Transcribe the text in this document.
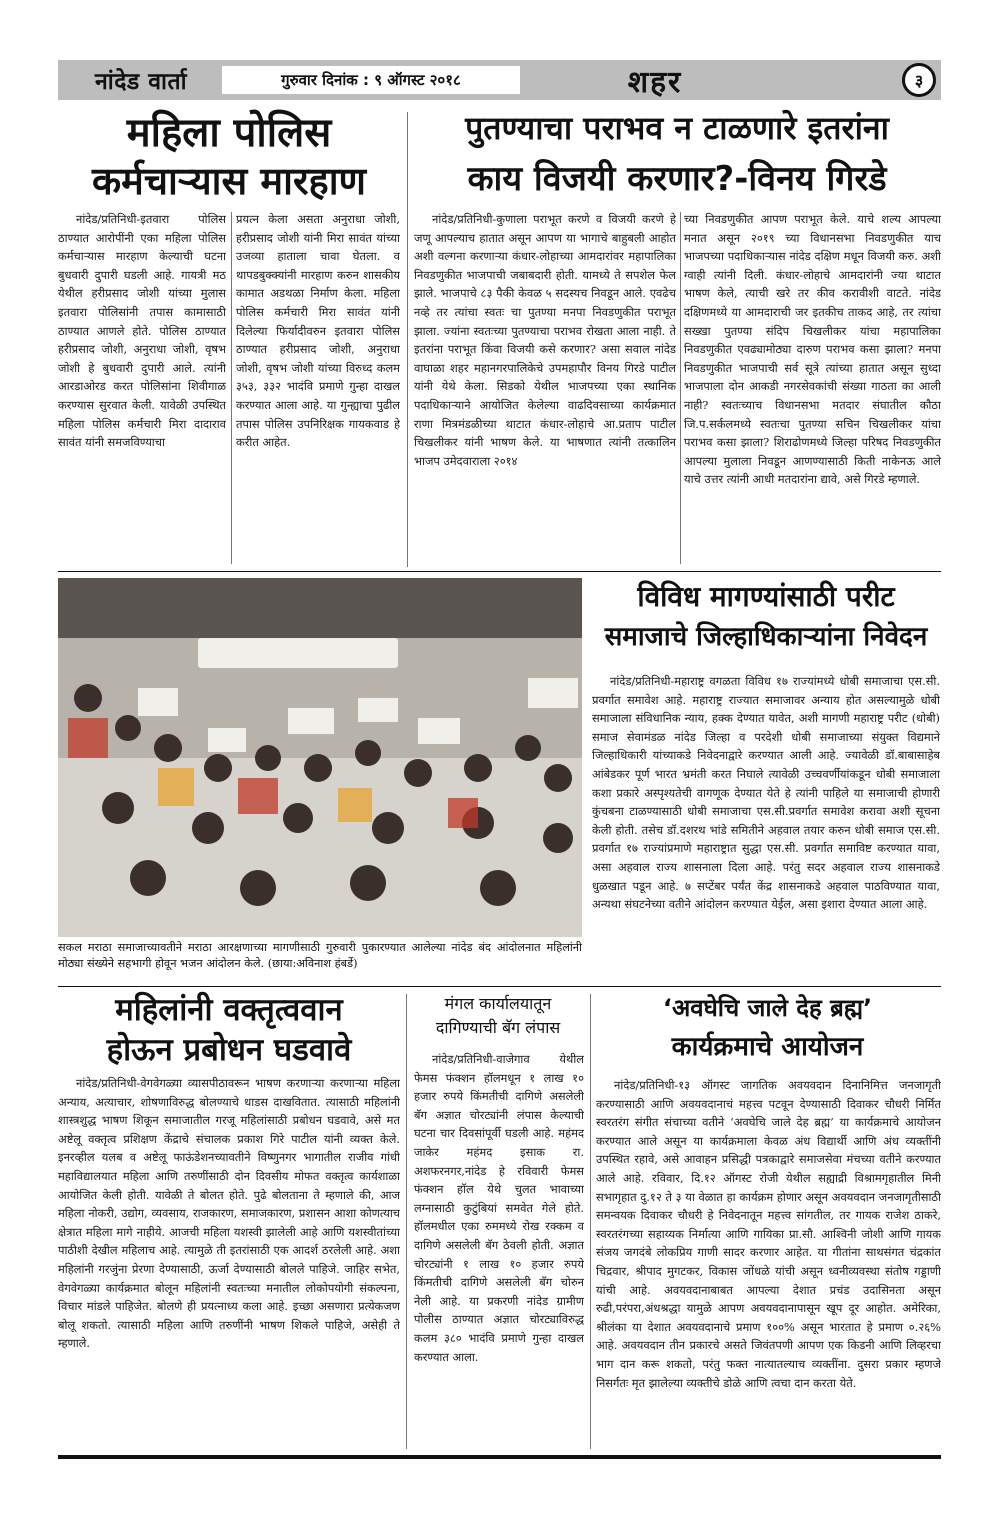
नांदेड वार्ता	गुरुवार दिनांक : ९ ऑगस्ट २०१८	शहर	३
महिला पोलिस
कर्मचाऱ्यास मारहाण

नांदेड/प्रतिनिधी-इतवारा पोलिस ठाण्यात आरोपींनी एका महिला पोलिस कर्मचाऱ्यास मारहाण केल्याची घटना बुधवारी दुपारी घडली आहे. गायत्री मठ येथील हरीप्रसाद जोशी यांच्या मुलास इतवारा पोलिसांनी तपास कामासाठी ठाण्यात आणले होते. पोलिस ठाण्यात हरीप्रसाद जोशी, अनुराधा जोशी, वृषभ जोशी हे बुधवारी दुपारी आले. त्यांनी आरडाओरड करत पोलिसांना शिवीगाळ करण्यास सुरवात केली. यावेळी उपस्थित महिला पोलिस कर्मचारी मिरा दादाराव सावंत यांनी समजविण्याचा

प्रयत्न केला असता अनुराधा जोशी, हरीप्रसाद जोशी यांनी मिरा सावंत यांच्या उजव्या हाताला चावा घेतला. व थापडबुक्क्यांनी मारहाण करुन शासकीय कामात अडथळा निर्माण केला. महिला पोलिस कर्मचारी मिरा सावंत यांनी दिलेल्या फिर्यादीवरुन इतवारा पोलिस ठाण्यात हरीप्रसाद जोशी, अनुराधा जोशी, वृषभ जोशी यांच्या विरुध्द कलम ३५३, ३३२ भादंवि प्रमाणे गुन्हा दाखल करण्यात आला आहे. या गुन्ह्याचा पुढील तपास पोलिस उपनिरिक्षक गायकवाड हे करीत आहेत.

पुतण्याचा पराभव न टाळणारे इतरांना
काय विजयी करणार?-विनय गिरडे

नांदेड/प्रतिनिधी-कुणाला पराभूत करणे व विजयी करणे हे जणू आपल्याच हातात असून आपण या भागाचे बाहुबली आहोत अशी वल्गना करणाऱ्या कंधार-लोहाच्या आमदारांवर महापालिका निवडणुकीत भाजपाची जबाबदारी होती. यामध्ये ते सपशेल फेल झाले. भाजपाचे ८३ पैकी केवळ ५ सदस्यच निवडून आले. एवढेच नव्हे तर त्यांचा स्वतः चा पुतण्या मनपा निवडणुकीत पराभूत झाला. ज्यांना स्वतःच्या पुतण्याचा पराभव रोखता आला नाही. ते इतरांना पराभूत किंवा विजयी कसे करणार? असा सवाल नांदेड वाघाळा शहर महानगरपालिकेचे उपमहापौर विनय गिरडे पाटील यांनी येथे केला. सिडको येथील भाजपच्या एका स्थानिक पदाधिकाऱ्याने आयोजित केलेल्या वाढदिवसाच्या कार्यक्रमात राणा मित्रमंडळीच्या थाटात कंधार-लोहाचे आ.प्रताप पाटील चिखलीकर यांनी भाषण केले. या भाषणात त्यांनी तत्कालिन भाजप उमेदवाराला २०१४

च्या निवडणुकीत आपण पराभूत केले. याचे शल्य आपल्या मनात असून २०१९ च्या विधानसभा निवडणुकीत याच भाजपच्या पदाधिकाऱ्यास नांदेड दक्षिण मधून विजयी करु. अशी ग्वाही त्यांनी दिली. कंधार-लोहाचे आमदारांनी ज्या थाटात भाषण केले, त्याची खरे तर कीव करावीशी वाटते. नांदेड दक्षिणमध्ये या आमदाराची जर इतकीच ताकद आहे, तर त्यांचा सख्खा पुतण्या संदिप चिखलीकर यांचा महापालिका निवडणुकीत एवढ्यामोठ्या दारुण पराभव कसा झाला? मनपा निवडणुकीत भाजपाची सर्व सूत्रे त्यांच्या हातात असून सुध्दा भाजपाला दोन आकडी नगरसेवकांची संख्या गाठता का आली नाही? स्वतःच्याच विधानसभा मतदार संघातील कौठा जि.प.सर्कलमध्ये स्वतःचा पुतण्या सचिन चिखलीकर यांचा पराभव कसा झाला? शिराढोणमध्ये जिल्हा परिषद निवडणुकीत आपल्या मुलाला निवडून आणण्यासाठी किती नाकेनऊ आले याचे उत्तर त्यांनी आधी मतदारांना द्यावे, असे गिरडे म्हणाले.

सकल मराठा समाजाच्यावतीने मराठा आरक्षणाच्या मागणीसाठी गुरुवारी पुकारण्यात आलेल्या नांदेड बंद आंदोलनात महिलांनी मोठ्या संख्येने सहभागी होवून भजन आंदोलन केले. (छाया:अविनाश हंबर्डे)
विविध मागण्यांसाठी परीट
समाजाचे जिल्हाधिकाऱ्यांना निवेदन

नांदेड/प्रतिनिधी-महाराष्ट्र वगळता विविध १७ राज्यांमध्ये धोबी समाजाचा एस.सी. प्रवर्गात समावेश आहे. महाराष्ट्र राज्यात समाजावर अन्याय होत असल्यामुळे धोबी समाजाला संविधानिक न्याय, हक्क देण्यात यावेत, अशी मागणी महाराष्ट्र परीट (धोबी) समाज सेवामंडळ नांदेड जिल्हा व परदेशी धोबी समाजाच्या संयुक्त विद्यमाने जिल्हाधिकारी यांच्याकडे निवेदनाद्वारे करण्यात आली आहे. ज्यावेळी डॉ.बाबासाहेब आंबेडकर पूर्ण भारत भ्रमंती करत निघाले त्यावेळी उच्चवर्णीयांकडून धोबी समाजाला कशा प्रकारे अस्पृश्यतेची वागणूक देण्यात येते हे त्यांनी पाहिले या समाजाची होणारी कुंचबना टाळण्यासाठी धोबी समाजाचा एस.सी.प्रवर्गात समावेश करावा अशी सूचना केली होती. तसेच डॉ.दशरथ भांडे समितीने अहवाल तयार करुन धोबी समाज एस.सी. प्रवर्गात १७ राज्यांप्रमाणे महाराष्ट्रात सुद्धा एस.सी. प्रवर्गात समाविष्ट करण्यात यावा, असा अहवाल राज्य शासनाला दिला आहे. परंतु सदर अहवाल राज्य शासनाकडे धुळखात पडून आहे. ७ सप्टेंबर पर्यंत केंद्र शासनाकडे अहवाल पाठविण्यात यावा, अन्यथा संघटनेच्या वतीने आंदोलन करण्यात येईल, असा इशारा देण्यात आला आहे.

महिलांनी वक्तृत्ववान
होऊन प्रबोधन घडवावे

नांदेड/प्रतिनिधी-वेगवेगळ्या व्यासपीठावरून भाषण करणाऱ्या करणाऱ्या महिला अन्याय, अत्याचार, शोषणाविरुद्ध बोलण्याचे धाडस दाखवितात. त्यासाठी महिलांनी शास्त्रशुद्ध भाषण शिकून समाजातील गरजू महिलांसाठी प्रबोधन घडवावे, असे मत अष्टेलू वक्तृत्व प्रशिक्षण केंद्राचे संचालक प्रकाश गिरे पाटील यांनी व्यक्त केले. इनरव्हील यलब व अष्टेलू फाऊंडेशनच्यावतीने विष्णुनगर भागातील राजीव गांधी महाविद्यालयात महिला आणि तरुणींसाठी दोन दिवसीय मोफत वक्तृत्व कार्यशाळा आयोजित केली होती. यावेळी ते बोलत होते. पुढे बोलताना ते म्हणाले की, आज महिला नोकरी, उद्योग, व्यवसाय, राजकारण, समाजकारण, प्रशासन आशा कोणत्याच क्षेत्रात महिला मागे नाहीये. आजची महिला यशस्वी झालेली आहे आणि यशस्वीतांच्या पाठीशी देखील महिलाच आहे. त्यामुळे ती इतरांसाठी एक आदर्श ठरलेली आहे. अशा महिलांनी गरजुंना प्रेरणा देण्यासाठी, ऊर्जा देण्यासाठी बोलले पाहिजे. जाहिर सभेत, वेगवेगळ्या कार्यक्रमात बोलून महिलांनी स्वतःच्या मनातील लोकोपयोगी संकल्पना, विचार मांडले पाहिजेत. बोलणे ही प्रयत्नाध्य कला आहे. इच्छा असणारा प्रत्येकजण बोलू शकतो. त्यासाठी महिला आणि तरुणींनी भाषण शिकले पाहिजे, असेही ते म्हणाले.

मंगल कार्यालयातून
दागिण्याची बॅग लंपास

नांदेड/प्रतिनिधी-वाजेगाव येथील फेमस फंक्शन हॉलमधून १ लाख १० हजार रुपये किंमतीची दागिणे असलेली बॅग अज्ञात चोरट्यांनी लंपास केल्याची घटना चार दिवसांपूर्वी घडली आहे. महंमद जाकेर महंमद इसाक रा. अशफरनगर,नांदेड हे रविवारी फेमस फंक्शन हॉल येथे चुलत भावाच्या लग्नासाठी कुटुंबियां समवेत गेले होते. हॉलमधील एका रुममध्ये रोख रक्कम व दागिणे असलेली बॅग ठेवली होती. अज्ञात चोरट्यांनी १ लाख १० हजार रुपये किंमतीची दागिणे असलेली बॅग चोरुन नेली आहे. या प्रकरणी नांदेड ग्रामीण पोलीस ठाण्यात अज्ञात चोरट्याविरुद्ध कलम ३८० भादंवि प्रमाणे गुन्हा दाखल करण्यात आला.

‘अवघेचि जाले देह ब्रह्म’
कार्यक्रमाचे आयोजन

नांदेड/प्रतिनिधी-१३ ऑगस्ट जागतिक अवयवदान दिनानिमित्त जनजागृती करण्यासाठी आणि अवयवदानाचं महत्त्व पटवून देण्यासाठी दिवाकर चौधरी निर्मित स्वरतरंग संगीत संचाच्या वतीने ‘अवघेचि जाले देह ब्रह्म’ या कार्यक्रमाचे आयोजन करण्यात आले असून या कार्यक्रमाला केवळ अंध विद्यार्थी आणि अंध व्यक्तींनी उपस्थित रहावे, असे आवाहन प्रसिद्धी पत्रकाद्वारे समाजसेवा मंचच्या वतीने करण्यात आले आहे. रविवार, दि.१२ ऑगस्ट रोजी येथील सह्याद्री विश्रामगृहातील मिनी सभागृहात दु.१२ ते ३ या वेळात हा कार्यक्रम होणार असून अवयवदान जनजागृतीसाठी समन्वयक दिवाकर चौधरी हे निवेदनातून महत्त्व सांगतील, तर गायक राजेश ठाकरे, स्वरतरंगच्या सहाय्यक निर्मात्या आणि गायिका प्रा.सौ. आश्विनी जोशी आणि गायक संजय जगदंबे लोकप्रिय गाणी सादर करणार आहेत. या गीतांना साथसंगत चंद्रकांत चिद्रवार, श्रीपाद मुगटकर, विकास जोंधळे यांची असून ध्वनीव्यवस्था संतोष गड्डाणी यांची आहे. अवयवदानाबाबत आपल्या देशात प्रचंड उदासिनता असून रुढी,परंपरा,अंधश्रद्धा यामुळे आपण अवयवदानापासून खूप दूर आहोत. अमेरिका, श्रीलंका या देशात अवयवदानाचे प्रमाण १००% असून भारतात हे प्रमाण ०.२६% आहे. अवयवदान तीन प्रकारचे असते जिवंतपणी आपण एक किडनी आणि लिव्हरचा भाग दान करू शकतो, परंतु फक्त नात्यातल्याच व्यक्तींना. दुसरा प्रकार म्हणजे निसर्गतः मृत झालेल्या व्यक्तीचे डोळे आणि त्वचा दान करता येते.
